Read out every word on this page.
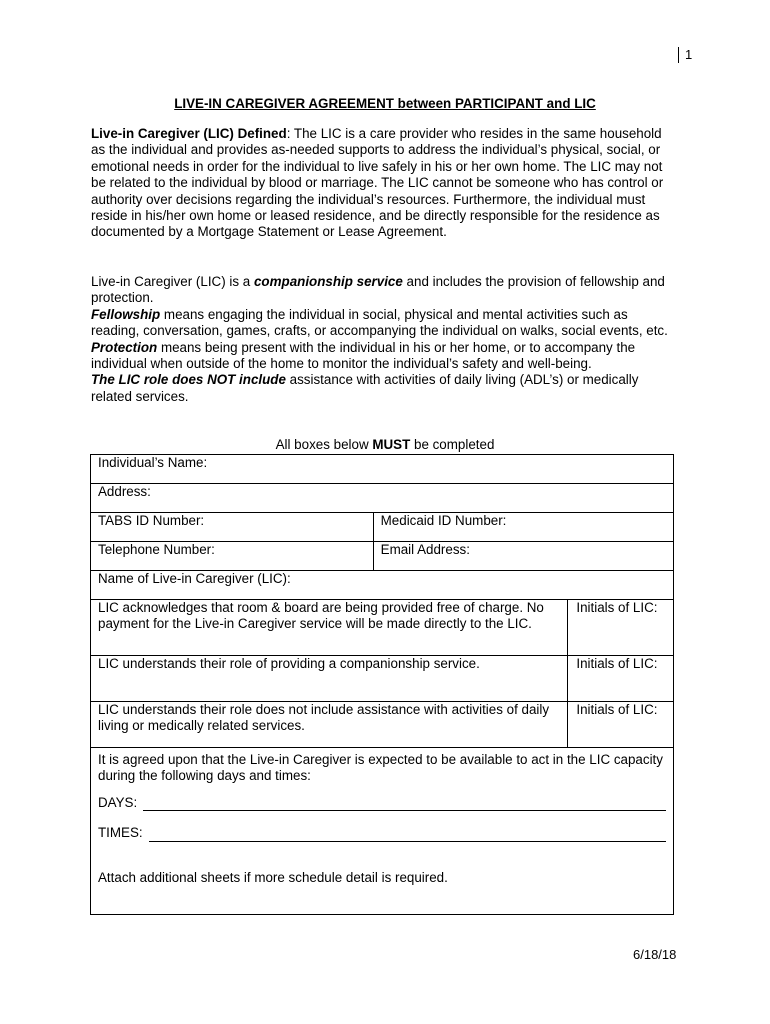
1
LIVE-IN CAREGIVER AGREEMENT between PARTICIPANT and LIC
Live-in Caregiver (LIC) Defined: The LIC is a care provider who resides in the same household as the individual and provides as-needed supports to address the individual’s physical, social, or emotional needs in order for the individual to live safely in his or her own home. The LIC may not be related to the individual by blood or marriage. The LIC cannot be someone who has control or authority over decisions regarding the individual’s resources. Furthermore, the individual must reside in his/her own home or leased residence, and be directly responsible for the residence as documented by a Mortgage Statement or Lease Agreement.
Live-in Caregiver (LIC) is a companionship service and includes the provision of fellowship and protection.
Fellowship means engaging the individual in social, physical and mental activities such as reading, conversation, games, crafts, or accompanying the individual on walks, social events, etc.
Protection means being present with the individual in his or her home, or to accompany the individual when outside of the home to monitor the individual’s safety and well-being.
The LIC role does NOT include assistance with activities of daily living (ADL’s) or medically related services.
All boxes below MUST be completed
Individual’s Name:		
Address:		
TABS ID Number:	Medicaid ID Number:	
Telephone Number:	Email Address:	
Name of Live-in Caregiver (LIC):		
LIC acknowledges that room & board are being provided free of charge. No payment for the Live-in Caregiver service will be made directly to the LIC.		Initials of LIC:
LIC understands their role of providing a companionship service.		Initials of LIC:
LIC understands their role does not include assistance with activities of daily living or medically related services.		Initials of LIC:

It is agreed upon that the Live-in Caregiver is expected to be available to act in the LIC capacity during the following days and times:
DAYS:
TIMES:
Attach additional sheets if more schedule detail is required.		
6/18/18
